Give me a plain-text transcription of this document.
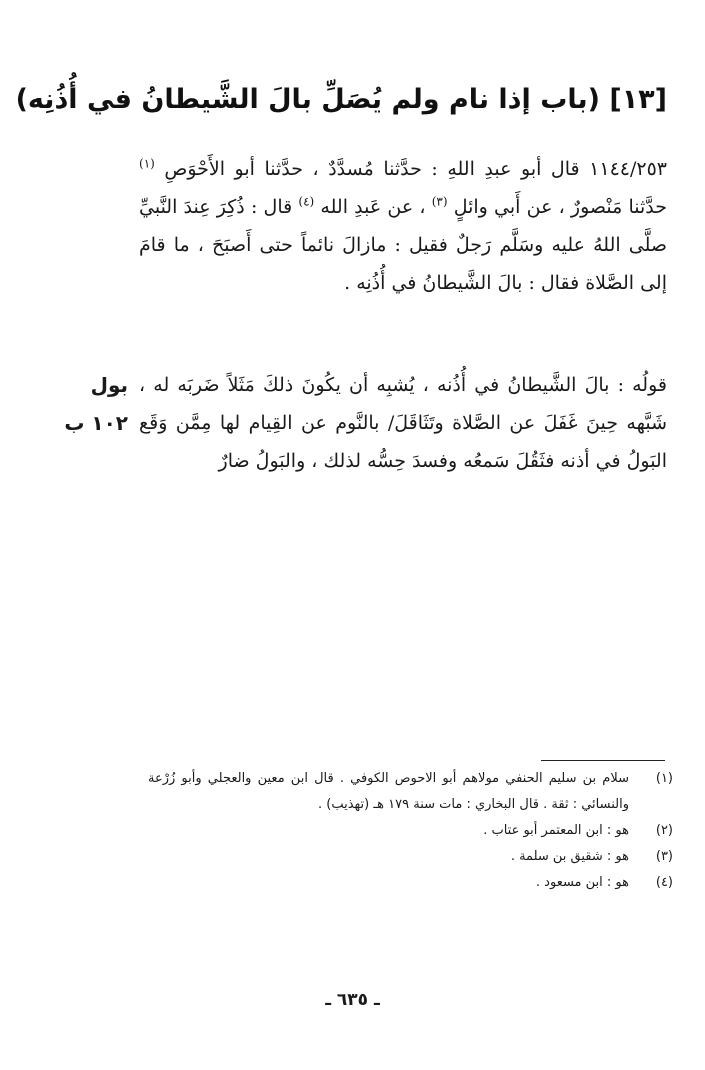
[١٣] (باب إذا نام ولم يُصَلِّ بالَ الشَّيطانُ في أُذُنِه)
١١٤٤/٢٥٣ قال أبو عبدِ اللهِ : حدَّثنا مُسدَّدٌ ، حدَّثنا أبو الأَحْوَصِ $^{(١)}$ حدَّثنا مَنْصورٌ ، عن أَبي وائلٍ $^{(٣)}$ ، عن عَبدِ الله $^{(٤)}$ قال : ذُكِرَ عِندَ النَّبيِّ صلَّى اللهُ عليه وسَلَّم رَجلٌ فقيل : مازالَ نائماً حتى أَصبَحَ ، ما قامَ إلى الصَّلاة فقال : بالَ الشَّيطانُ في أُذُنِه .
قولُه : بالَ الشَّيطانُ في أُذُنه ، يُشبِه أن يكُونَ ذلكَ مَثَلاً ضَربَه له ، شَبَّهه حِينَ غَفَلَ عن الصَّلاة وتَثَاقَلَ/ بالنَّوم عن القِيام لها مِمَّن وَقَع البَولُ في أذنه فثَقُلَ سَمعُه وفسدَ حِسُّه لذلك ، والبَولُ ضارٌ
بول
١٠٢ ب
(١)
سلام بن سليم الحنفي مولاهم أبو الاحوص الكوفي . قال ابن معين والعجلي وأبو زُرْعة والنسائي : ثقة . قال البخاري : مات سنة ١٧٩ هـ (تهذيب) .
(٢)
هو : ابن المعتمر أبو عتاب .
(٣)
هو : شقيق بن سلمة .
(٤)
هو : ابن مسعود .
ـ ٦٣٥ ـ
